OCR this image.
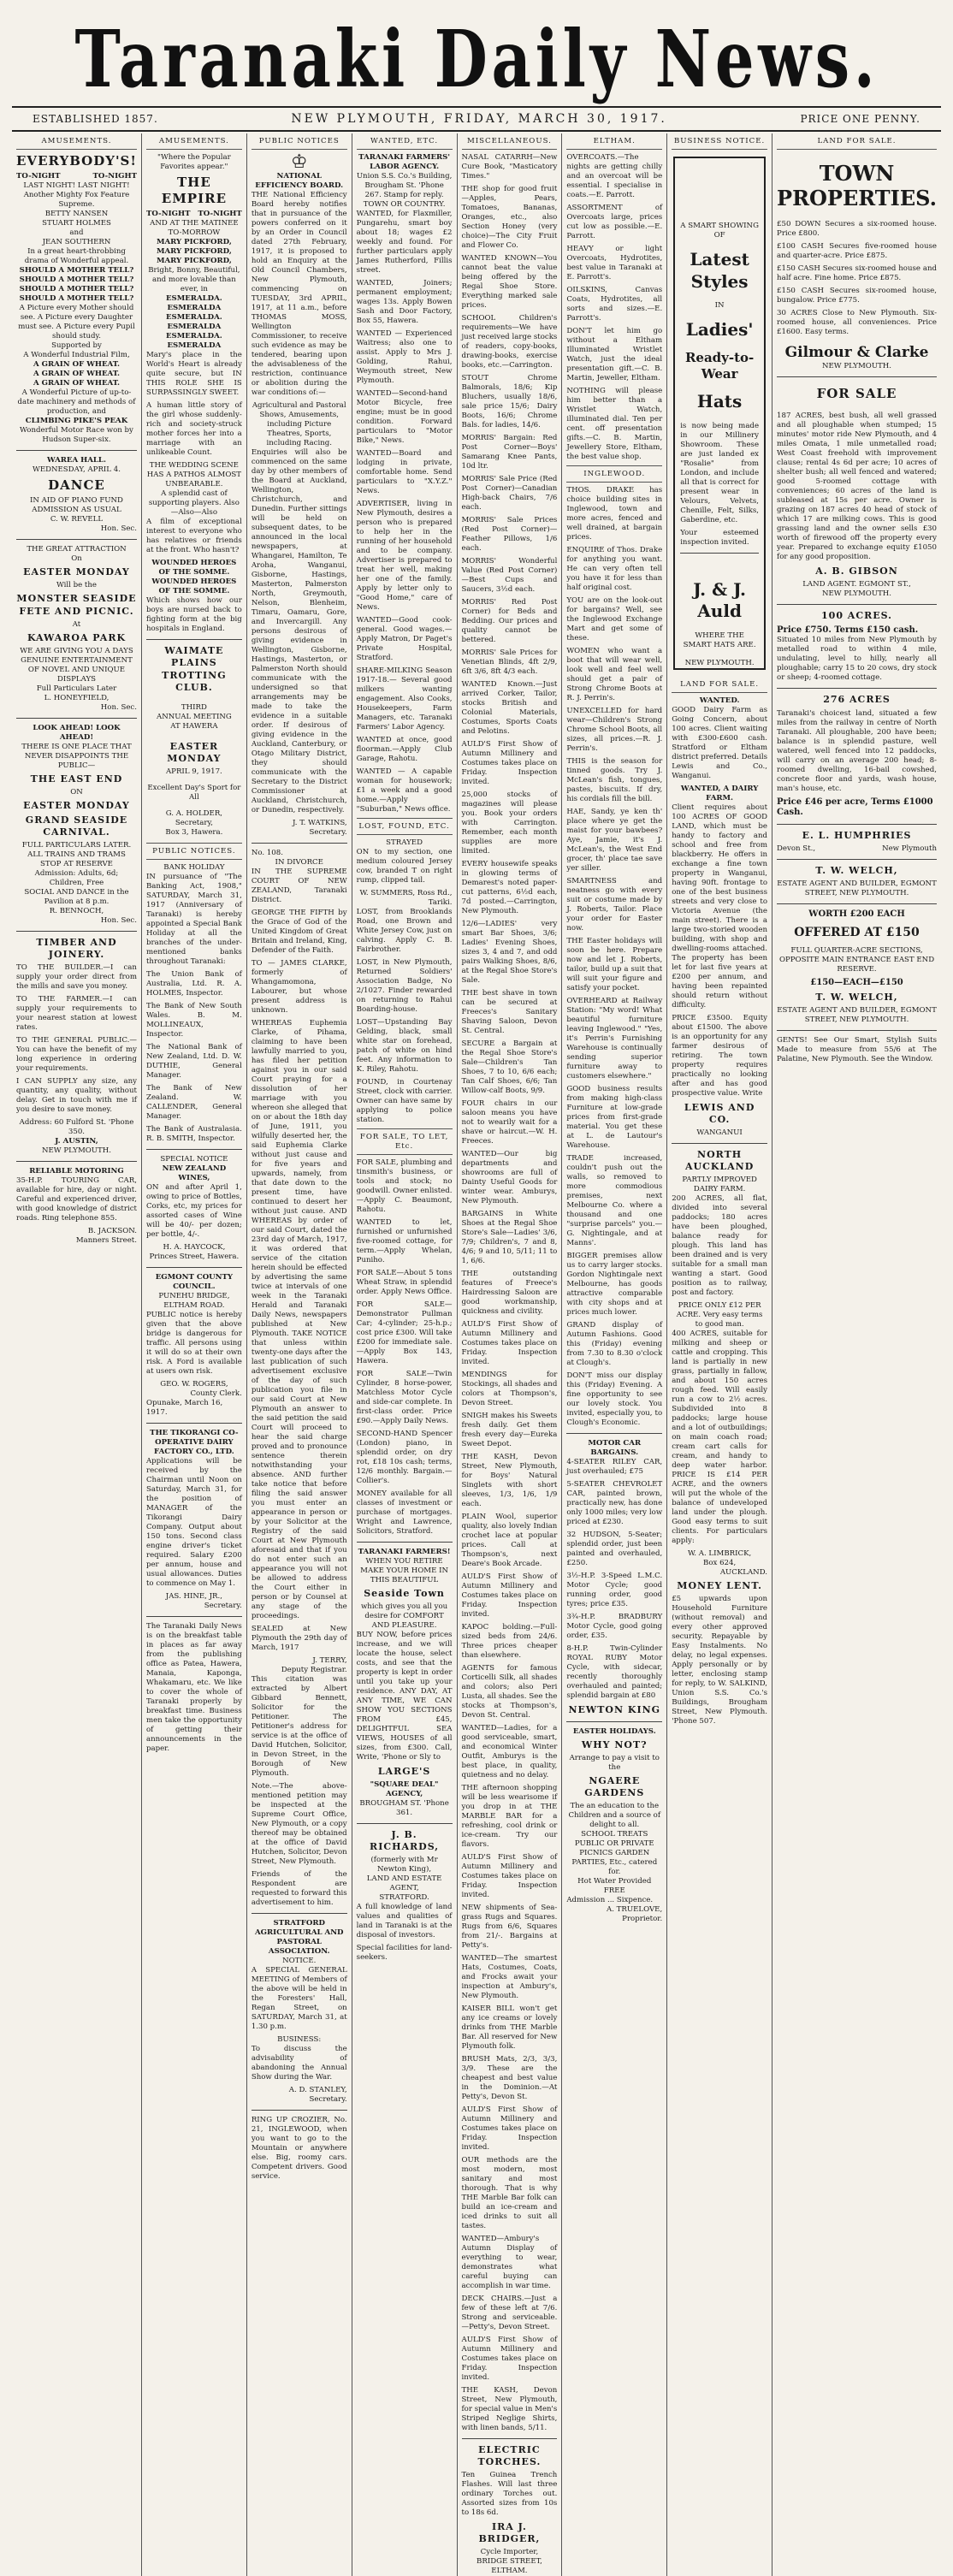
Taranaki Daily News.
ESTABLISHED 1857.	NEW PLYMOUTH, FRIDAY, MARCH 30, 1917.	PRICE ONE PENNY.
AMUSEMENTS.
EVERYBODY'S!
TO-NIGHT	TO-NIGHT
LAST NIGHT! LAST NIGHT!
Another Mighty Fox Feature Supreme.
BETTY NANSEN
STUART HOLMES
and
JEAN SOUTHERN
In a great heart-throbbing drama of Wonderful appeal.
SHOULD A MOTHER TELL?
SHOULD A MOTHER TELL?
SHOULD A MOTHER TELL?
SHOULD A MOTHER TELL?
A Picture every Mother should see. A Picture every Daughter must see. A Picture every Pupil should study.
Supported by
A Wonderful Industrial Film,
A GRAIN OF WHEAT.
A GRAIN OF WHEAT.
A GRAIN OF WHEAT.
A Wonderful Picture of up-to-date machinery and methods of production, and
CLIMBING PIKE'S PEAK
Wonderful Motor Race won by Hudson Super-six.
WAREA HALL.
WEDNESDAY, APRIL 4.
DANCE
IN AID OF PIANO FUND
ADMISSION AS USUAL
C. W. REVELL
Hon. Sec.
THE GREAT ATTRACTION
On
EASTER MONDAY
Will be the
MONSTER SEASIDE FETE AND PICNIC.
At
KAWAROA PARK
WE ARE GIVING YOU A DAYS GENUINE ENTERTAINMENT OF NOVEL AND UNIQUE DISPLAYS
Full Particulars Later
L. HONEYFIELD,
Hon. Sec.
LOOK AHEAD! LOOK AHEAD!
THERE IS ONE PLACE THAT NEVER DISAPPOINTS THE PUBLIC—
THE EAST END
ON
EASTER MONDAY
GRAND SEASIDE CARNIVAL.
FULL PARTICULARS LATER.
ALL TRAINS AND TRAMS STOP AT RESERVE
Admission: Adults, 6d; Children, Free
SOCIAL AND DANCE in the Pavilion at 8 p.m.
R. BENNOCH,
Hon. Sec.
TIMBER AND JOINERY.
TO THE BUILDER.—I can supply your order direct from the mills and save you money.
TO THE FARMER.—I can supply your requirements to your nearest station at lowest rates.
TO THE GENERAL PUBLIC.—You can have the benefit of my long experience in ordering your requirements.
I CAN SUPPLY any size, any quantity, any quality, without delay. Get in touch with me if you desire to save money.
Address: 60 Fulford St. 'Phone 350.
J. AUSTIN,
NEW PLYMOUTH.
RELIABLE MOTORING
35-H.P. TOURING CAR, available for hire, day or night. Careful and experienced driver, with good knowledge of district roads. Ring telephone 855.
B. JACKSON.
Manners Street.
AMUSEMENTS.
"Where the Popular Favorites appear."
THE EMPIRE
TO-NIGHT TO-NIGHT
AND AT THE MATINEE TO-MORROW
MARY PICKFORD,
MARY PICKFORD,
MARY PICKFORD,
Bright, Bonny, Beautiful, and more lovable than ever, in
ESMERALDA. ESMERALDA
ESMERALDA. ESMERALDA
ESMERALDA. ESMERALDA
Mary's place in the World's Heart is already quite secure, but IN THIS ROLE SHE IS SURPASSINGLY SWEET.
A human little story of the girl whose suddenly-rich and society-struck mother forces her into a marriage with an unlikeable Count.
THE WEDDING SCENE HAS A PATHOS ALMOST UNBEARABLE.
A splendid cast of supporting players. Also—Also—Also
A film of exceptional interest to everyone who has relatives or friends at the front. Who hasn't?
WOUNDED HEROES OF THE SOMME.
WOUNDED HEROES OF THE SOMME.
Which shows how our boys are nursed back to fighting form at the big hospitals in England.
WAIMATE PLAINS TROTTING CLUB.
THIRD
ANNUAL MEETING
AT HAWERA
EASTER MONDAY
APRIL 9, 1917.
Excellent Day's Sport for All
G. A. HOLDER,
Secretary,
Box 3, Hawera.
PUBLIC NOTICES.
BANK HOLIDAY
IN pursuance of "The Banking Act, 1908," SATURDAY, March 31, 1917 (Anniversary of Taranaki) is hereby appointed a Special Bank Holiday at all the branches of the under-mentioned banks throughout Taranaki:
The Union Bank of Australia, Ltd. R. A. HOLMES, Inspector.
The Bank of New South Wales. B. M. MOLLINEAUX, Inspector.
The National Bank of New Zealand, Ltd. D. W. DUTHIE, General Manager.
The Bank of New Zealand. W. CALLENDER, General Manager.
The Bank of Australasia. R. B. SMITH, Inspector.
SPECIAL NOTICE
NEW ZEALAND WINES,
ON and after April 1, owing to price of Bottles, Corks, etc, my prices for assorted cases of Wine will be 40/- per dozen; per bottle, 4/-.
H. A. HAYCOCK,
Princes Street, Hawera.
EGMONT COUNTY COUNCIL.
PUNEHU BRIDGE, ELTHAM ROAD.
PUBLIC notice is hereby given that the above bridge is dangerous for traffic. All persons using it will do so at their own risk. A Ford is available at users own risk.
GEO. W. ROGERS,
County Clerk.
Opunake, March 16, 1917.
THE TIKORANGI CO-OPERATIVE DAIRY FACTORY CO., LTD.
Applications will be received by the Chairman until Noon on Saturday, March 31, for the position of MANAGER of the Tikorangi Dairy Company. Output about 150 tons. Second class engine driver's ticket required. Salary £200 per annum, house and usual allowances. Duties to commence on May 1.
JAS. HINE, JR.,
Secretary.
The Taranaki Daily News is on the breakfast table in places as far away from the publishing office as Patea, Hawera, Manaia, Kaponga, Whakamaru, etc. We like to cover the whole of Taranaki properly by breakfast time. Business men take the opportunity of getting their announcements in the paper.
PUBLIC NOTICES
♔
NATIONAL EFFICIENCY BOARD.
THE National Efficiency Board hereby notifies that in pursuance of the powers conferred on it by an Order in Council dated 27th February, 1917, it is proposed to hold an Enquiry at the Old Council Chambers, New Plymouth, commencing on TUESDAY, 3rd APRIL, 1917, at 11 a.m., before THOMAS MOSS, Wellington Commissioner, to receive such evidence as may be tendered, bearing upon the advisableness of the restriction, continuance or abolition during the war conditions of:—
Agricultural and Pastoral Shows, Amusements, including Picture Theatres, Sports, including Racing.
Enquiries will also be commenced on the same day by other members of the Board at Auckland, Wellington, Christchurch, and Dunedin. Further sittings will be held on subsequent dates, to be announced in the local newspapers, at Whangarei, Hamilton, Te Aroha, Wanganui, Gisborne, Hastings, Masterton, Palmerston North, Greymouth, Nelson, Blenheim, Timaru, Oamaru, Gore, and Invercargill. Any persons desirous of giving evidence in Wellington, Gisborne, Hastings, Masterton, or Palmerston North should communicate with the undersigned so that arrangements may be made to take the evidence in a suitable order. If desirous of giving evidence in the Auckland, Canterbury, or Otago Military District, they should communicate with the Secretary to the District Commissioner at Auckland, Christchurch, or Dunedin, respectively.
J. T. WATKINS,
Secretary.
No. 108.
IN DIVORCE
IN THE SUPREME COURT OF NEW ZEALAND, Taranaki District.
GEORGE THE FIFTH by the Grace of God of the United Kingdom of Great Britain and Ireland, King, Defender of the Faith.
TO — JAMES CLARKE, formerly of Whangamomona, Labourer, but whose present address is unknown.
WHEREAS Euphemia Clarke, of Pihama, claiming to have been lawfully married to you, has filed her petition against you in our said Court praying for a dissolution of her marriage with you whereon she alleged that on or about the 18th day of June, 1911, you wilfully deserted her, the said Euphemia Clarke without just cause and for five years and upwards, namely, from that date down to the present time, have continued to desert her without just cause. AND WHEREAS by order of our said Court, dated the 23rd day of March, 1917, it was ordered that service of the citation herein should be effected by advertising the same twice at intervals of one week in the Taranaki Herald and Taranaki Daily News, newspapers published at New Plymouth. TAKE NOTICE that unless within twenty-one days after the last publication of such advertisement exclusive of the day of such publication you file in our said Court at New Plymouth an answer to the said petition the said Court will proceed to hear the said charge proved and to pronounce sentence therein notwithstanding your absence. AND further take notice that before filing the said answer you must enter an appearance in person or by your Solicitor at the Registry of the said Court at New Plymouth aforesaid and that if you do not enter such an appearance you will not be allowed to address the Court either in person or by Counsel at any stage of the proceedings.
SEALED at New Plymouth the 29th day of March, 1917
J. TERRY,
Deputy Registrar.
This citation was extracted by Albert Gibbard Bennett, Solicitor for the Petitioner. The Petitioner's address for service is at the office of David Hutchen, Solicitor, in Devon Street, in the Borough of New Plymouth.
Note.—The above-mentioned petition may be inspected at the Supreme Court Office, New Plymouth, or a copy thereof may be obtained at the office of David Hutchen, Solicitor, Devon Street, New Plymouth.
Friends of the Respondent are requested to forward this advertisement to him.
STRATFORD AGRICULTURAL AND PASTORAL ASSOCIATION.
NOTICE.
A SPECIAL GENERAL MEETING of Members of the above will be held in the Foresters' Hall, Regan Street, on SATURDAY, March 31, at 1.30 p.m.
BUSINESS:
To discuss the advisability of abandoning the Annual Show during the War.
A. D. STANLEY,
Secretary.
RING UP CROZIER, No. 21, INGLEWOOD, when you want to go to the Mountain or anywhere else. Big, roomy cars. Competent drivers. Good service.
WANTED, ETC.
TARANAKI FARMERS' LABOR AGENCY.
Union S.S. Co.'s Building, Brougham St. 'Phone 267. Stamp for reply.
TOWN OR COUNTRY.
WANTED, for Flaxmiller, Pungarehu, smart boy about 18; wages £2 weekly and found. For further particulars apply James Rutherford, Fillis street.
WANTED, Joiners; permanent employment; wages 13s. Apply Bowen Sash and Door Factory, Box 55, Hawera.
WANTED — Experienced Waitress; also one to assist. Apply to Mrs J. Golding, Rahui, Weymouth street, New Plymouth.
WANTED—Second-hand Motor Bicycle, free engine; must be in good condition. Forward particulars to "Motor Bike," News.
WANTED—Board and lodging in private, comfortable home. Send particulars to "X.Y.Z." News.
ADVERTISER, living in New Plymouth, desires a person who is prepared to help her in the running of her household and to be company. Advertiser is prepared to treat her well, making her one of the family. Apply by letter only to "Good Home," care of News.
WANTED—Good cook-general. Good wages.—Apply Matron, Dr Paget's Private Hospital, Stratford.
SHARE-MILKING Season 1917-18.— Several good milkers wanting engagement. Also Cooks, Housekeepers, Farm Managers, etc. Taranaki Farmers' Labor Agency.
WANTED at once, good floorman.—Apply Club Garage, Rahotu.
WANTED — A capable woman for housework; £1 a week and a good home.—Apply "Suburban," News office.
LOST, FOUND, ETC.
STRAYED
ON to my section, one medium coloured Jersey cow, branded T on right rump, clipped tail.
W. SUMMERS, Ross Rd., Tariki.
LOST, from Brooklands Road, one Brown and White Jersey Cow, just on calving. Apply C. B. Fairbrother.
LOST, in New Plymouth, Returned Soldiers' Association Badge, No 2/1027. Finder rewarded on returning to Rahui Boarding-house.
LOST—Upstanding Bay Gelding, black, small white star on forehead, patch of white on hind feet. Any information to K. Riley, Rahotu.
FOUND, in Courtenay Street, clock with carrier. Owner can have same by applying to police station.
FOR SALE, TO LET, Etc.
FOR SALE, plumbing and tinsmith's business, or tools and stock; no goodwill. Owner enlisted.—Apply C. Beaumont, Rahotu.
WANTED to let, furnished or unfurnished five-roomed cottage, for term.—Apply Whelan, Puniho.
FOR SALE—About 5 tons Wheat Straw, in splendid order. Apply News Office.
FOR SALE—Demonstrator Pullman Car; 4-cylinder; 25-h.p.; cost price £300. Will take £200 for immediate sale.—Apply Box 143, Hawera.
FOR SALE—Twin Cylinder, 8 horse-power, Matchless Motor Cycle and side-car complete. In first-class order. Price £90.—Apply Daily News.
SECOND-HAND Spencer (London) piano, in splendid order, on dry rot, £18 10s cash; terms, 12/6 monthly. Bargain.—Collier's.
MONEY available for all classes of investment or purchase of mortgages. Wright and Lawrence, Solicitors, Stratford.
TARANAKI FARMERS!
WHEN YOU RETIRE MAKE YOUR HOME IN
THIS BEAUTIFUL
Seaside Town
which gives you all you desire for COMFORT AND PLEASURE.
BUY NOW, before prices increase, and we will locate the house, select costs, and see that the property is kept in order until you take up your residence. ANY DAY, AT ANY TIME, WE CAN SHOW YOU SECTIONS FROM £45, DELIGHTFUL SEA VIEWS, HOUSES of all sizes, from £300. Call, Write, 'Phone or Sly to
LARGE'S
"SQUARE DEAL" AGENCY,
BROUGHAM ST. 'Phone 361.
J. B. RICHARDS,
(formerly with Mr Newton King),
LAND AND ESTATE AGENT,
STRATFORD.
A full knowledge of land values and qualities of land in Taranaki is at the disposal of investors.
Special facilities for land-seekers.
MISCELLANEOUS.
NASAL CATARRH—New Cure Book, "Masticatory Times."
THE shop for good fruit—Apples, Pears, Tomatoes, Bananas, Oranges, etc., also Section Honey (very choice)—The City Fruit and Flower Co.
WANTED KNOWN—You cannot beat the value being offered by the Regal Shoe Store. Everything marked sale prices.
SCHOOL Children's requirements—We have just received large stocks of readers, copy-books, drawing-books, exercise books, etc.—Carrington.
STOUT Chrome Balmorals, 18/6; Kip Bluchers, usually 18/6, sale price 15/6; Dairy Boots, 16/6; Chrome Bals. for ladies, 14/6.
MORRIS' Bargain: Red Post Corner—Boys' Samarang Knee Pants, 10d ltr.
MORRIS' Sale Price (Red Post Corner)—Canadian High-back Chairs, 7/6 each.
MORRIS' Sale Prices (Red Post Corner)—Feather Pillows, 1/6 each.
MORRIS' Wonderful Value (Red Post Corner)—Best Cups and Saucers, 3½d each.
MORRIS' Red Post Corner) for Beds and Bedding. Our prices and quality cannot be bettered.
MORRIS' Sale Prices for Venetian Blinds, 4ft 2/9, 6ft 3/6, 8ft 4/3 each.
WANTED Known.—Just arrived Corker, Tailor, stocks British and Colonial Materials, Costumes, Sports Coats and Pelotins.
AULD'S First Show of Autumn Millinery and Costumes takes place on Friday. Inspection invited.
25,000 stocks of magazines will please you. Book your orders with Carrington. Remember, each month supplies are more limited.
EVERY housewife speaks in glowing terms of Demarest's noted paper-cut patterns, 6½d each, 7d posted.—Carrington, New Plymouth.
12/6—LADIES' very smart Bar Shoes, 3/6; Ladies' Evening Shoes, sizes 3, 4 and 7, and odd pairs Walking Shoes, 8/6, at the Regal Shoe Store's Sale.
THE best shave in town can be secured at Freeces's Sanitary Shaving Saloon, Devon St. Central.
SECURE a Bargain at the Regal Shoe Store's Sale—Children's Tan Shoes, 7 to 10, 6/6 each; Tan Calf Shoes, 6/6; Tan Willow-calf Boots, 9/9.
FOUR chairs in our saloon means you have not to wearily wait for a shave or haircut.—W. H. Freeces.
WANTED—Our big departments and showrooms are full of Dainty Useful Goods for winter wear. Amburys, New Plymouth.
BARGAINS in White Shoes at the Regal Shoe Store's Sale—Ladies' 3/6, 7/9; Children's, 7 and 8, 4/6; 9 and 10, 5/11; 11 to 1, 6/6.
THE outstanding features of Freece's Hairdressing Saloon are good workmanship, quickness and civility.
AULD'S First Show of Autumn Millinery and Costumes takes place on Friday. Inspection invited.
MENDINGS for Stockings, all shades and colors at Thompson's, Devon Street.
SNIGH makes his Sweets fresh daily. Get them fresh every day—Eureka Sweet Depot.
THE KASH, Devon Street, New Plymouth, for Boys' Natural Singlets with short sleeves, 1/3, 1/6, 1/9 each.
PLAIN Wool, superior quality, also lovely Indian crochet lace at popular prices. Call at Thompson's, next Deare's Book Arcade.
AULD'S First Show of Autumn Millinery and Costumes takes place on Friday. Inspection invited.
KAPOC bolding.—Full-sized beds from 24/6. Three prices cheaper than elsewhere.
AGENTS for famous Corticelli Silk, all shades and colors; also Peri Lusta, all shades. See the stocks at Thompson's, Devon St. Central.
WANTED—Ladies, for a good serviceable, smart, and economical Winter Outfit, Amburys is the best place, in quality, quietness and no delay.
THE afternoon shopping will be less wearisome if you drop in at THE MARBLE BAR for a refreshing, cool drink or ice-cream. Try our flavors.
AULD'S First Show of Autumn Millinery and Costumes takes place on Friday. Inspection invited.
NEW shipments of Sea-grass Rugs and Squares. Rugs from 6/6, Squares from 21/-. Bargains at Petty's.
WANTED—The smartest Hats, Costumes, Coats, and Frocks await your inspection at Ambury's, New Plymouth.
KAISER BILL won't get any ice creams or lovely drinks from THE Marble Bar. All reserved for New Plymouth folk.
BRUSH Mats, 2/3, 3/3, 3/9. These are the cheapest and best value in the Dominion.—At Petty's, Devon St.
AULD'S First Show of Autumn Millinery and Costumes takes place on Friday. Inspection invited.
OUR methods are the most modern, most sanitary and most thorough. That is why THE Marble Bar folk can build an ice-cream and iced drinks to suit all tastes.
WANTED—Ambury's Autumn Display of everything to wear, demonstrates what careful buying can accomplish in war time.
DECK CHAIRS.—Just a few of these left at 7/6. Strong and serviceable.—Petty's, Devon Street.
AULD'S First Show of Autumn Millinery and Costumes takes place on Friday. Inspection invited.
THE KASH, Devon Street, New Plymouth, for special value in Men's Striped Neglige Shirts, with linen bands, 5/11.
ELECTRIC TORCHES.
Ten Guinea Trench Flashes. Will last three ordinary Torches out. Assorted sizes from 10s to 18s 6d.
IRA J. BRIDGER,
Cycle Importer,
BRIDGE STREET, ELTHAM.
ELTHAM.
OVERCOATS.—The nights are getting chilly and an overcoat will be essential. I specialise in coats.—E. Parrott.
ASSORTMENT of Overcoats large, prices cut low as possible.—E. Parrott.
HEAVY or light Overcoats, Hydrotites, best value in Taranaki at E. Parrott's.
OILSKINS, Canvas Coats, Hydrotites, all sorts and sizes.—E. Parrott's.
DON'T let him go without a Eltham Illuminated Wristlet Watch, just the ideal presentation gift.—C. B. Martin, Jeweller, Eltham.
NOTHING will please him better than a Wristlet Watch, illuminated dial. Ten per cent. off presentation gifts.—C. B. Martin, Jewellery Store, Eltham, the best value shop.
INGLEWOOD.
THOS. DRAKE has choice building sites in Inglewood, town and more acres, fenced and well drained, at bargain prices.
ENQUIRE of Thos. Drake for anything you want. He can very often tell you have it for less than half original cost.
YOU are on the look-out for bargains? Well, see the Inglewood Exchange Mart and get some of these.
WOMEN who want a boot that will wear well, look well and feel well should get a pair of Strong Chrome Boots at R. J. Perrin's.
UNEXCELLED for hard wear—Children's Strong Chrome School Boots, all sizes, all prices.—R. J. Perrin's.
THIS is the season for tinned goods. Try J. McLean's fish, tongues, pastes, biscuits. If dry, his cordials fill the bill.
HAE, Sandy, ye ken th' place where ye get the maist for your bawbees? Aye, Jamie, it's J. McLean's, the West End grocer, th' place tae save yer siller.
SMARTNESS and neatness go with every suit or costume made by J. Roberts, Tailor. Place your order for Easter now.
THE Easter holidays will soon be here. Prepare now and let J. Roberts, tailor, build up a suit that will suit your figure and satisfy your pocket.
OVERHEARD at Railway Station: "My word! What beautiful furniture leaving Inglewood." "Yes, it's Perrin's Furnishing Warehouse is continually sending superior furniture away to customers elsewhere."
GOOD business results from making high-class Furniture at low-grade prices from first-grade material. You get these at L. de Lautour's Warehouse.
TRADE increased, couldn't push out the walls, so removed to more commodious premises, next Melbourne Co. where a thousand and one "surprise parcels" you.—G. Nightingale, and at Manns'.
BIGGER premises allow us to carry larger stocks. Gordon Nightingale next Melbourne, has goods attractive comparable with city shops and at prices much lower.
GRAND display of Autumn Fashions. Good this (Friday) evening from 7.30 to 8.30 o'clock at Clough's.
DON'T miss our display this (Friday) Evening. A fine opportunity to see our lovely stock. You invited, especially you, to Clough's Economic.
MOTOR CAR BARGAINS.
4-SEATER RILEY CAR, just overhauled; £75
5-SEATER CHEVROLET CAR, painted brown, practically new, has done only 1000 miles; very low priced at £230.
32 HUDSON, 5-Seater; splendid order, just been painted and overhauled, £250.
3½-H.P. 3-Speed L.M.C. Motor Cycle; good running order, good tyres; price £35.
3¾-H.P. BRADBURY Motor Cycle, good going order, £35.
8-H.P. Twin-Cylinder ROYAL RUBY Motor Cycle, with sidecar, recently thoroughly overhauled and painted; splendid bargain at £80
NEWTON KING
EASTER HOLIDAYS.
WHY NOT?
Arrange to pay a visit to the
NGAERE GARDENS
The an education to the Children and a source of delight to all.
SCHOOL TREATS PUBLIC OR PRIVATE PICNICS GARDEN PARTIES, Etc., catered for.
Hot Water Provided FREE
Admission ... Sixpence.
A. TRUELOVE,
Proprietor.
BUSINESS NOTICE.
A SMART SHOWING OF
Latest Styles
IN
Ladies'
Ready-to-Wear
Hats
is now being made in our Millinery Showroom. These are just landed ex "Rosalie" from London, and include all that is correct for present wear in Velours, Velvets, Chenille, Felt, Silks, Gaberdine, etc.
Your esteemed inspection invited.
J. & J. Auld
WHERE THE SMART HATS ARE.
NEW PLYMOUTH.
LAND FOR SALE.
WANTED.
GOOD Dairy Farm as Going Concern, about 100 acres. Client waiting with £300-£600 cash. Stratford or Eltham district preferred. Details Lewis and Co., Wanganui.
WANTED, A DAIRY FARM.
Client requires about 100 ACRES OF GOOD LAND, which must be handy to factory and school and free from blackberry. He offers in exchange a fine town property in Wanganui, having 90ft. frontage to one of the best business streets and very close to Victoria Avenue (the main street). There is a large two-storied wooden building, with shop and dwelling-rooms attached. The property has been let for last five years at £200 per annum, and having been repainted should return without difficulty.
PRICE £3500. Equity about £1500. The above is an opportunity for any farmer desirous of retiring. The town property requires practically no looking after and has good prospective value. Write
LEWIS AND CO.
WANGANUI
NORTH AUCKLAND
PARTLY IMPROVED DAIRY FARM.
200 ACRES, all flat, divided into several paddocks; 180 acres have been ploughed, balance ready for plough. This land has been drained and is very suitable for a small man wanting a start. Good position as to railway, post and factory.
PRICE ONLY £12 PER ACRE. Very easy terms to good man.
400 ACRES, suitable for milking and sheep or cattle and cropping. This land is partially in new grass, partially in fallow, and about 150 acres rough feed. Will easily run a cow to 2½ acres. Subdivided into 8 paddocks; large house and a lot of outbuildings; on main coach road; cream cart calls for cream, and handy to deep water harbor. PRICE IS £14 PER ACRE, and the owners will put the whole of the balance of undeveloped land under the plough. Good easy terms to suit clients. For particulars apply:
W. A. LIMBRICK,
Box 624,
AUCKLAND.
MONEY LENT.
£5 upwards upon Household Furniture (without removal) and every other approved security. Repayable by Easy Instalments. No delay, no legal expenses. Apply personally or by letter, enclosing stamp for reply, to W. SALKIND, Union S.S. Co.'s Buildings, Brougham Street, New Plymouth. 'Phone 507.
LAND FOR SALE.
TOWN PROPERTIES.
£50 DOWN Secures a six-roomed house. Price £800.
£100 CASH Secures five-roomed house and quarter-acre. Price £875.
£150 CASH Secures six-roomed house and half acre. Fine home. Price £875.
£150 CASH Secures six-roomed house, bungalow. Price £775.
30 ACRES Close to New Plymouth. Six-roomed house, all conveniences. Price £1600. Easy terms.
Gilmour & Clarke
NEW PLYMOUTH.
FOR SALE
187 ACRES, best bush, all well grassed and all ploughable when stumped; 15 minutes' motor ride New Plymouth, and 4 miles Omata, 1 mile unmetalled road; West Coast freehold with improvement clause; rental 4s 6d per acre; 10 acres of shelter bush; all well fenced and watered; good 5-roomed cottage with conveniences; 60 acres of the land is subleased at 15s per acre. Owner is grazing on 187 acres 40 head of stock of which 17 are milking cows. This is good grassing land and the owner sells £30 worth of firewood off the property every year. Prepared to exchange equity £1050 for any good proposition.
A. B. GIBSON
LAND AGENT. EGMONT ST.,
NEW PLYMOUTH.
100 ACRES.
Price £750. Terms £150 cash.
Situated 10 miles from New Plymouth by metalled road to within 4 mile, undulating, level to hilly, nearly all ploughable; carry 15 to 20 cows, dry stock or sheep; 4-roomed cottage.
276 ACRES
Taranaki's choicest land, situated a few miles from the railway in centre of North Taranaki. All ploughable, 200 have been; balance is in splendid pasture, well watered, well fenced into 12 paddocks, will carry on an average 200 head; 8-roomed dwelling, 16-bail cowshed, concrete floor and yards, wash house, man's house, etc.
Price £46 per acre, Terms £1000 Cash.
E. L. HUMPHRIES
Devon St.,	New Plymouth
T. W. WELCH,
ESTATE AGENT AND BUILDER, EGMONT STREET, NEW PLYMOUTH.
WORTH £200 EACH
OFFERED AT £150
FULL QUARTER-ACRE SECTIONS, OPPOSITE MAIN ENTRANCE EAST END RESERVE.
£150—EACH—£150
T. W. WELCH,
ESTATE AGENT AND BUILDER, EGMONT STREET, NEW PLYMOUTH.
GENTS! See Our Smart, Stylish Suits Made to measure from 55/6 at The Palatine, New Plymouth. See the Window.
